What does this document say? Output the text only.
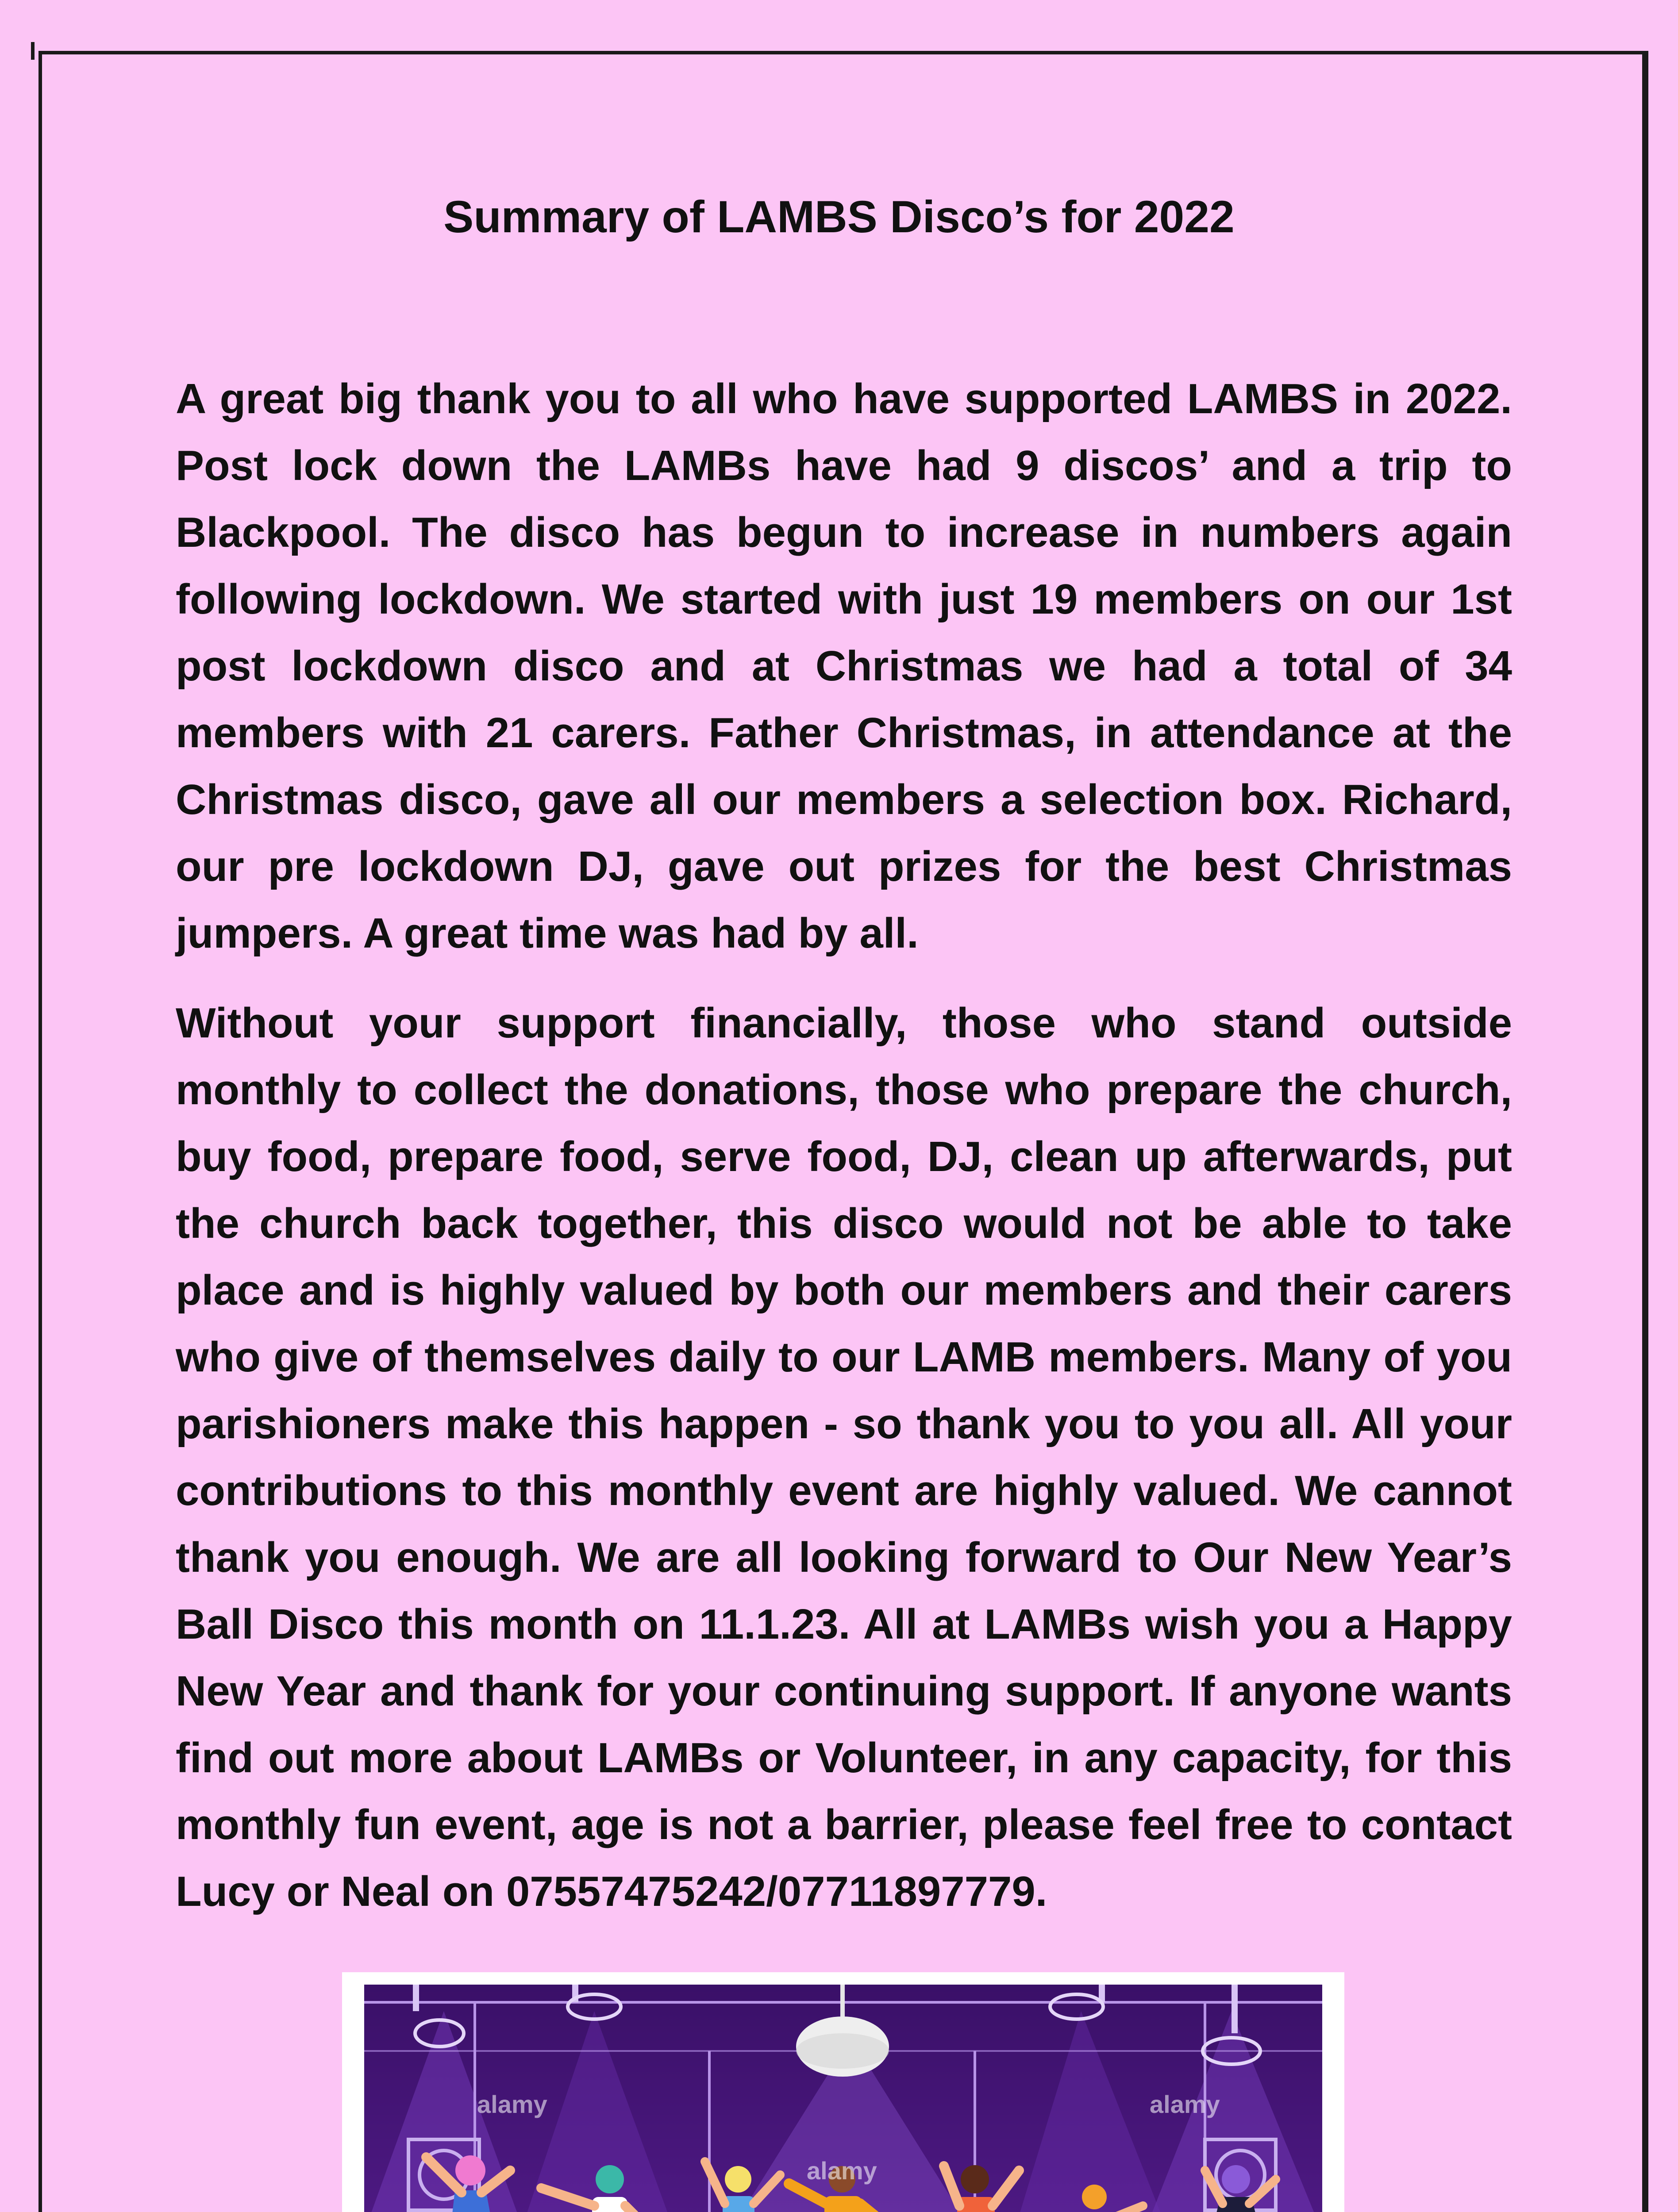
Summary of LAMBS Disco’s for 2022

A great big thank you to all who have supported LAMBS in 2022. Post lock down the LAMBs have had 9 discos’ and a trip to Blackpool. The disco has begun to increase in numbers again following lockdown. We started with just 19 members on our 1st post lockdown disco and at Christmas we had a total of 34 members with 21 carers. Father Christmas, in attendance at the Christmas disco, gave all our members a selection box. Richard, our pre lockdown DJ, gave out prizes for the best Christmas jumpers. A great time was had by all.

Without your support financially, those who stand outside monthly to collect the donations, those who prepare the church, buy food, prepare food, serve food, DJ, clean up afterwards, put the church back together, this disco would not be able to take place and is highly valued by both our members and their carers who give of themselves daily to our LAMB members. Many of you parishioners make this happen - so thank you to you all. All your contributions to this monthly event are highly valued. We cannot thank you enough. We are all looking forward to Our New Year’s Ball Disco this month on 11.1.23. All at LAMBs wish you a Happy New Year and thank for your continuing support. If anyone wants find out more about LAMBs or Volunteer, in any capacity, for this monthly fun event, age is not a barrier, please feel free to contact Lucy or Neal on 07557475242/07711897779.

alamy	alamy
alamy
